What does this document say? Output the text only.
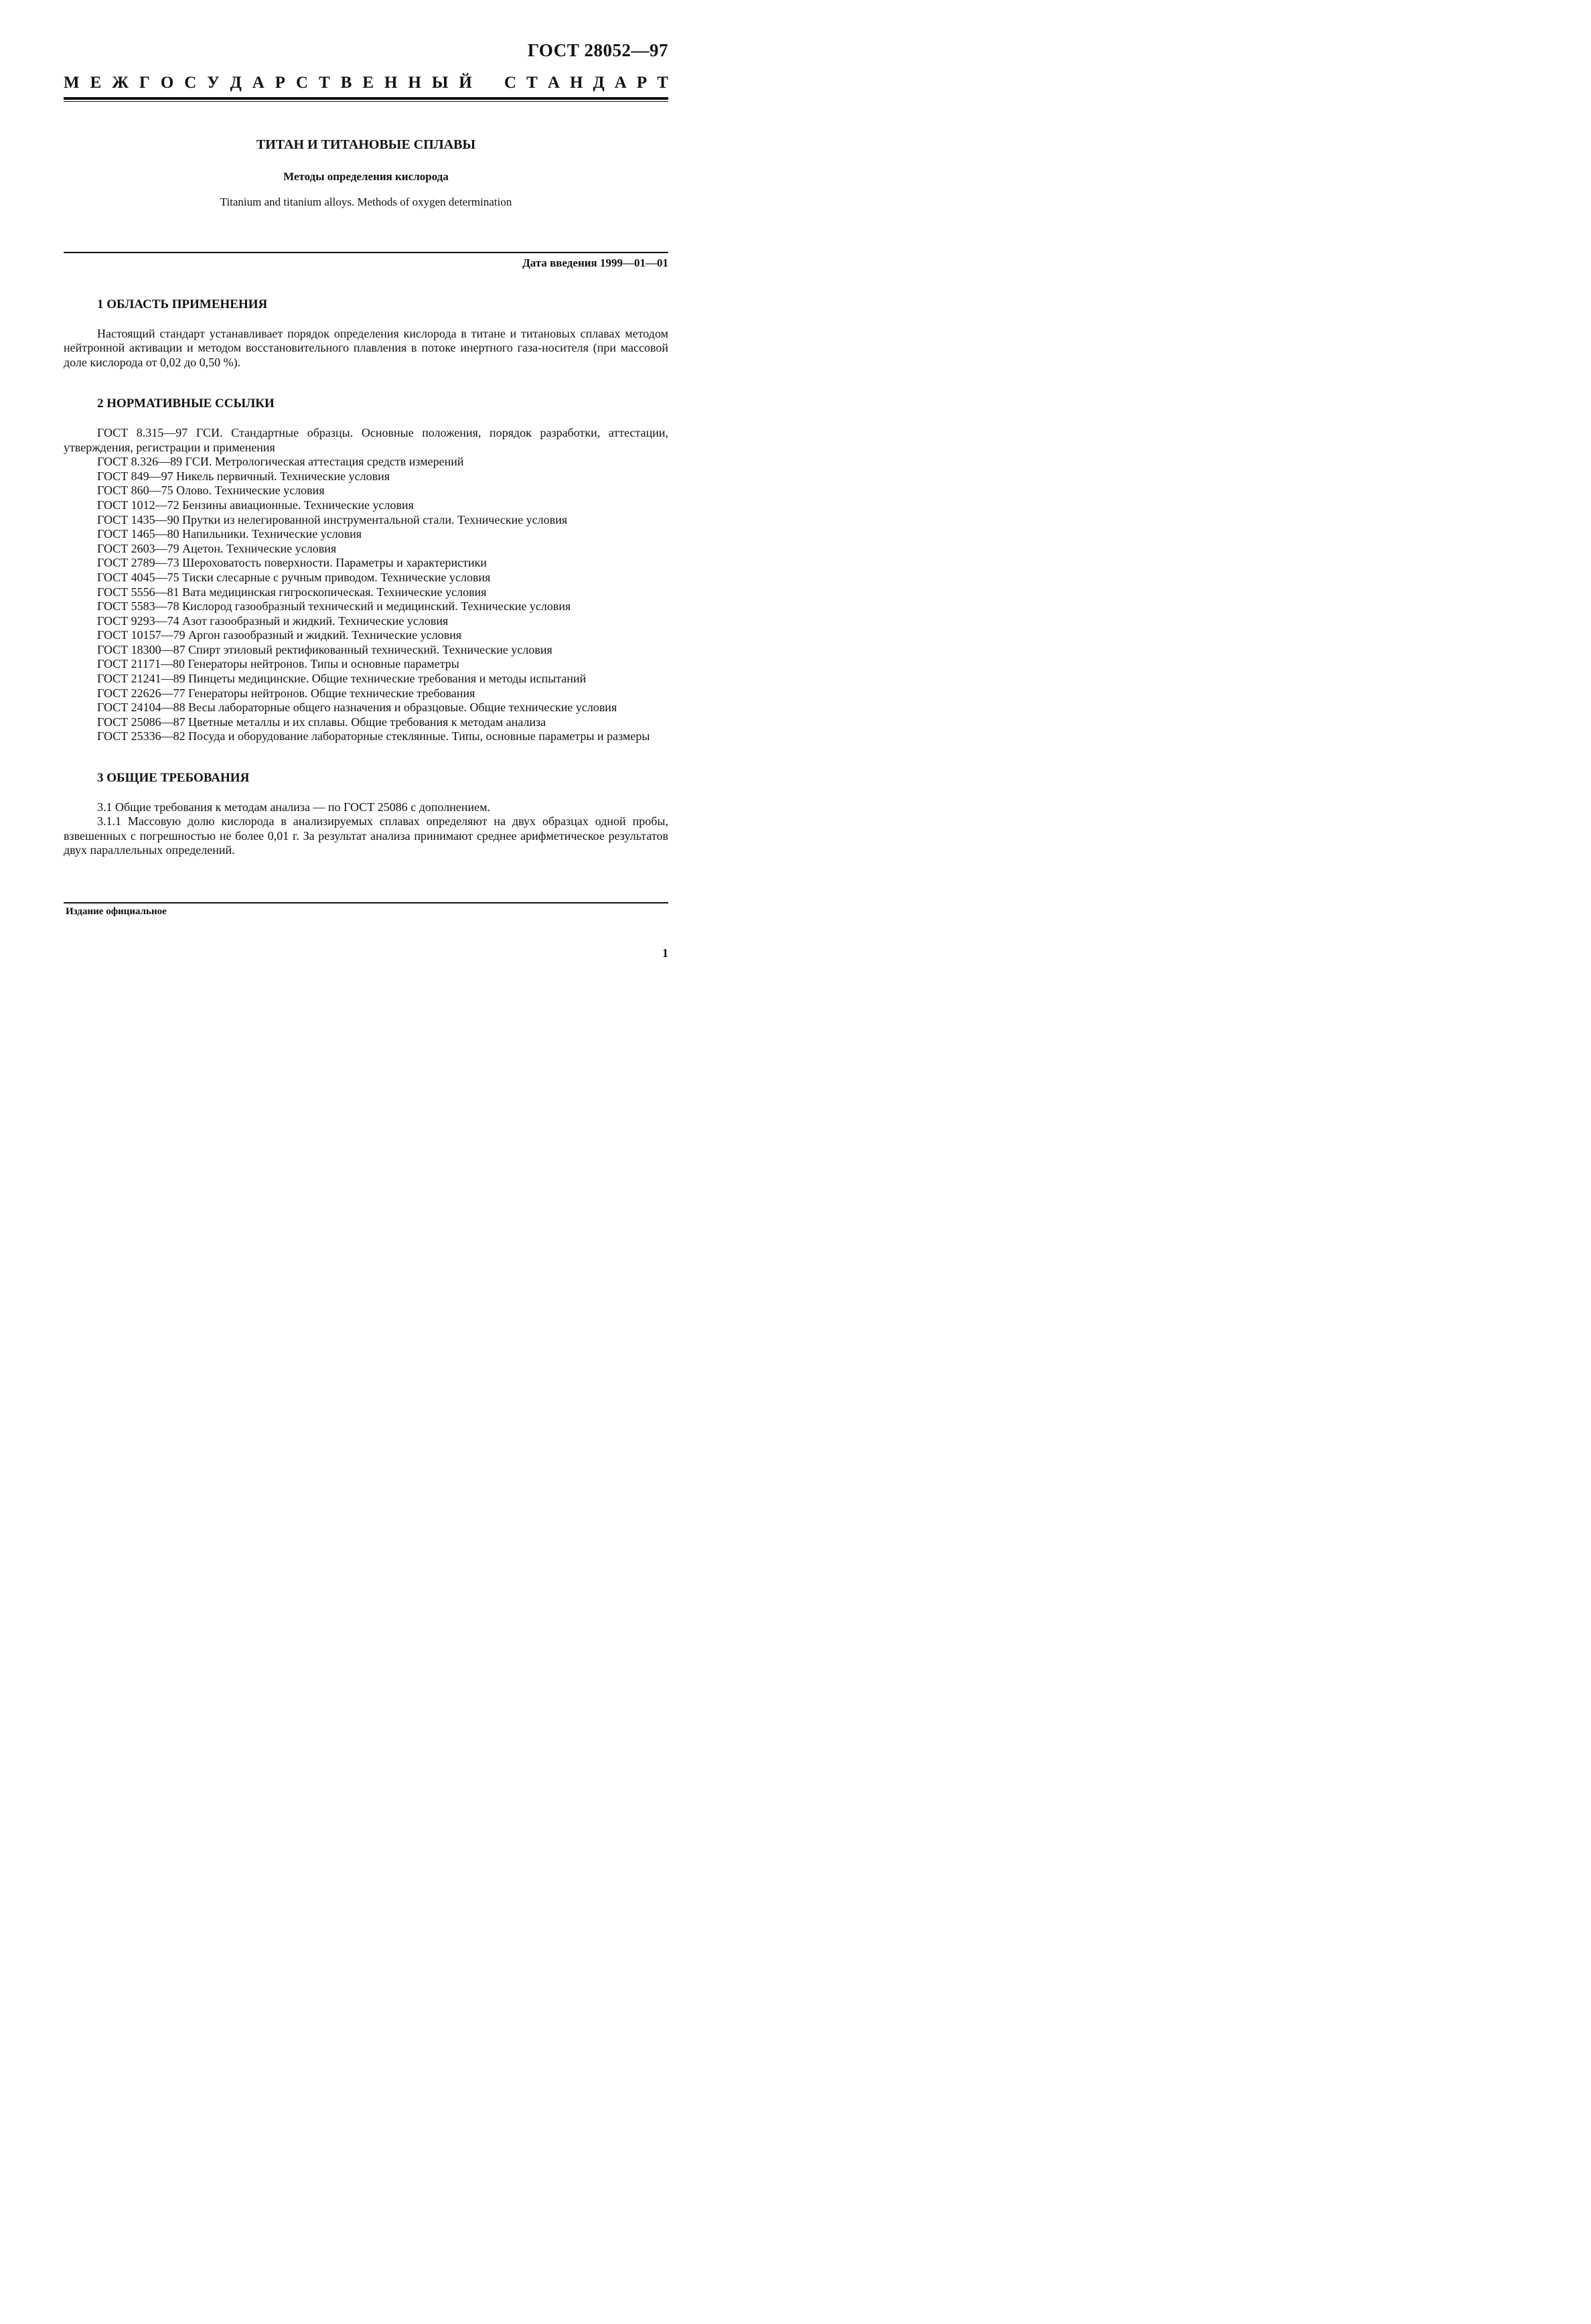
ГОСТ 28052—97
М Е Ж Г О С У Д А Р С Т В Е Н Н Ы Й С Т А Н Д А Р Т
ТИТАН И ТИТАНОВЫЕ СПЛАВЫ
Методы определения кислорода
Titanium and titanium alloys. Methods of oxygen determination
Дата введения 1999—01—01
1 ОБЛАСТЬ ПРИМЕНЕНИЯ

Настоящий стандарт устанавливает порядок определения кислорода в титане и титановых сплавах методом нейтронной активации и методом восстановительного плавления в потоке инертного газа-носителя (при массовой доле кислорода от 0,02 до 0,50 %).

2 НОРМАТИВНЫЕ ССЫЛКИ
ГОСТ 8.315—97 ГСИ. Стандартные образцы. Основные положения, порядок разработки, аттестации, утверждения, регистрации и применения
ГОСТ 8.326—89 ГСИ. Метрологическая аттестация средств измерений
ГОСТ 849—97 Никель первичный. Технические условия
ГОСТ 860—75 Олово. Технические условия
ГОСТ 1012—72 Бензины авиационные. Технические условия
ГОСТ 1435—90 Прутки из нелегированной инструментальной стали. Технические условия
ГОСТ 1465—80 Напильники. Технические условия
ГОСТ 2603—79 Ацетон. Технические условия
ГОСТ 2789—73 Шероховатость поверхности. Параметры и характеристики
ГОСТ 4045—75 Тиски слесарные с ручным приводом. Технические условия
ГОСТ 5556—81 Вата медицинская гигроскопическая. Технические условия
ГОСТ 5583—78 Кислород газообразный технический и медицинский. Технические условия
ГОСТ 9293—74 Азот газообразный и жидкий. Технические условия
ГОСТ 10157—79 Аргон газообразный и жидкий. Технические условия
ГОСТ 18300—87 Спирт этиловый ректификованный технический. Технические условия
ГОСТ 21171—80 Генераторы нейтронов. Типы и основные параметры
ГОСТ 21241—89 Пинцеты медицинские. Общие технические требования и методы испытаний
ГОСТ 22626—77 Генераторы нейтронов. Общие технические требования
ГОСТ 24104—88 Весы лабораторные общего назначения и образцовые. Общие технические условия
ГОСТ 25086—87 Цветные металлы и их сплавы. Общие требования к методам анализа
ГОСТ 25336—82 Посуда и оборудование лабораторные стеклянные. Типы, основные параметры и размеры
3 ОБЩИЕ ТРЕБОВАНИЯ

3.1 Общие требования к методам анализа — по ГОСТ 25086 с дополнением.

3.1.1 Массовую долю кислорода в анализируемых сплавах определяют на двух образцах одной пробы, взвешенных с погрешностью не более 0,01 г. За результат анализа принимают среднее арифметическое результатов двух параллельных определений.

Издание официальное
1
